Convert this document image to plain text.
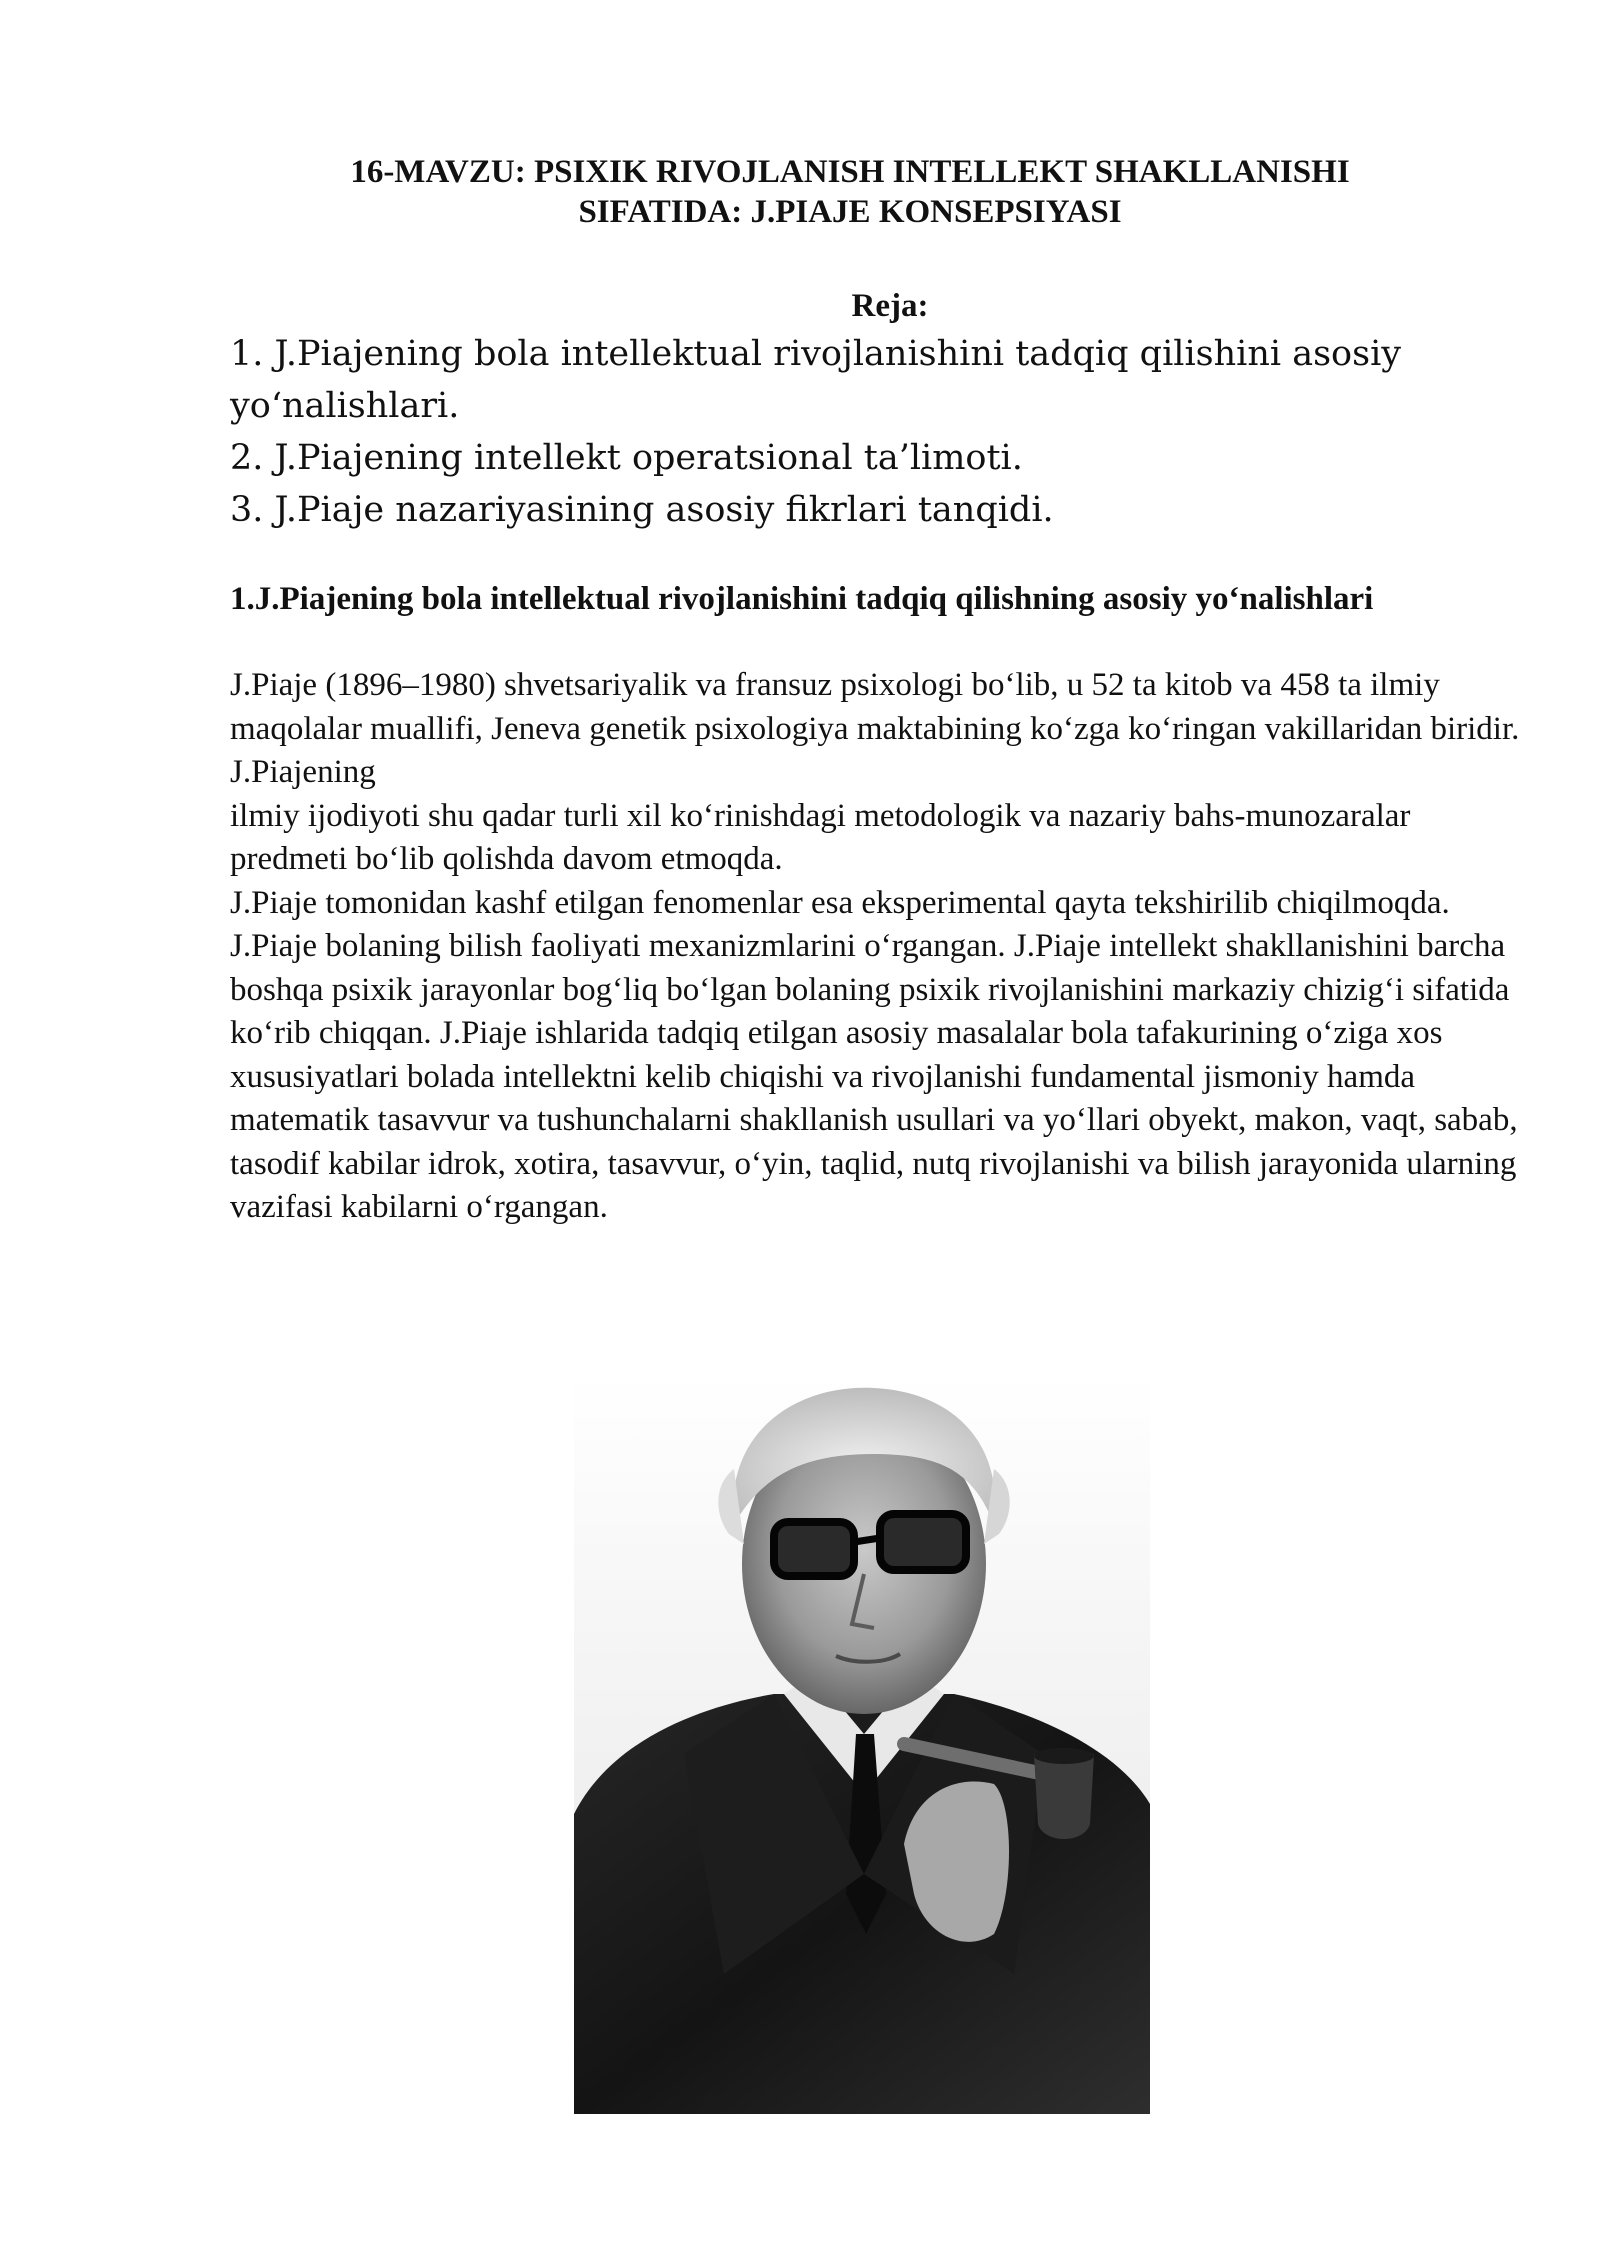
16-MAVZU: PSIXIK RIVOJLANISH INTELLEKT SHAKLLANISHI
SIFATIDA: J.PIAJE KONSEPSIYASI
Reja:
1. J.Piajening bola intellektual rivojlanishini tadqiq qilishini asosiy yo‘nalishlari.
2. J.Piajening intellekt operatsional ta’limoti.
3. J.Piaje nazariyasining asosiy fikrlari tanqidi.
1.J.Piajening bola intellektual rivojlanishini tadqiq qilishning asosiy yo‘nalishlari

J.Piaje (1896–1980) shvetsariyalik va fransuz psixologi bo‘lib, u 52 ta kitob va 458 ta ilmiy maqolalar muallifi, Jeneva genetik psixologiya maktabining ko‘zga ko‘ringan vakillaridan biridir. J.Piajening

ilmiy ijodiyoti shu qadar turli xil ko‘rinishdagi metodologik va nazariy bahs-munozaralar predmeti bo‘lib qolishda davom etmoqda.

J.Piaje tomonidan kashf etilgan fenomenlar esa eksperimental qayta tekshirilib chiqilmoqda. J.Piaje bolaning bilish faoliyati mexanizmlarini o‘rgangan. J.Piaje intellekt shakllanishini barcha boshqa psixik jarayonlar bog‘liq bo‘lgan bolaning psixik rivojlanishini markaziy chizig‘i sifatida ko‘rib chiqqan. J.Piaje ishlarida tadqiq etilgan asosiy masalalar bola tafakurining o‘ziga xos xususiyatlari bolada intellektni kelib chiqishi va rivojlanishi fundamental jismoniy hamda matematik tasavvur va tushunchalarni shakllanish usullari va yo‘llari obyekt, makon, vaqt, sabab, tasodif kabilar idrok, xotira, tasavvur, o‘yin, taqlid, nutq rivojlanishi va bilish jarayonida ularning vazifasi kabilarni o‘rgangan.
